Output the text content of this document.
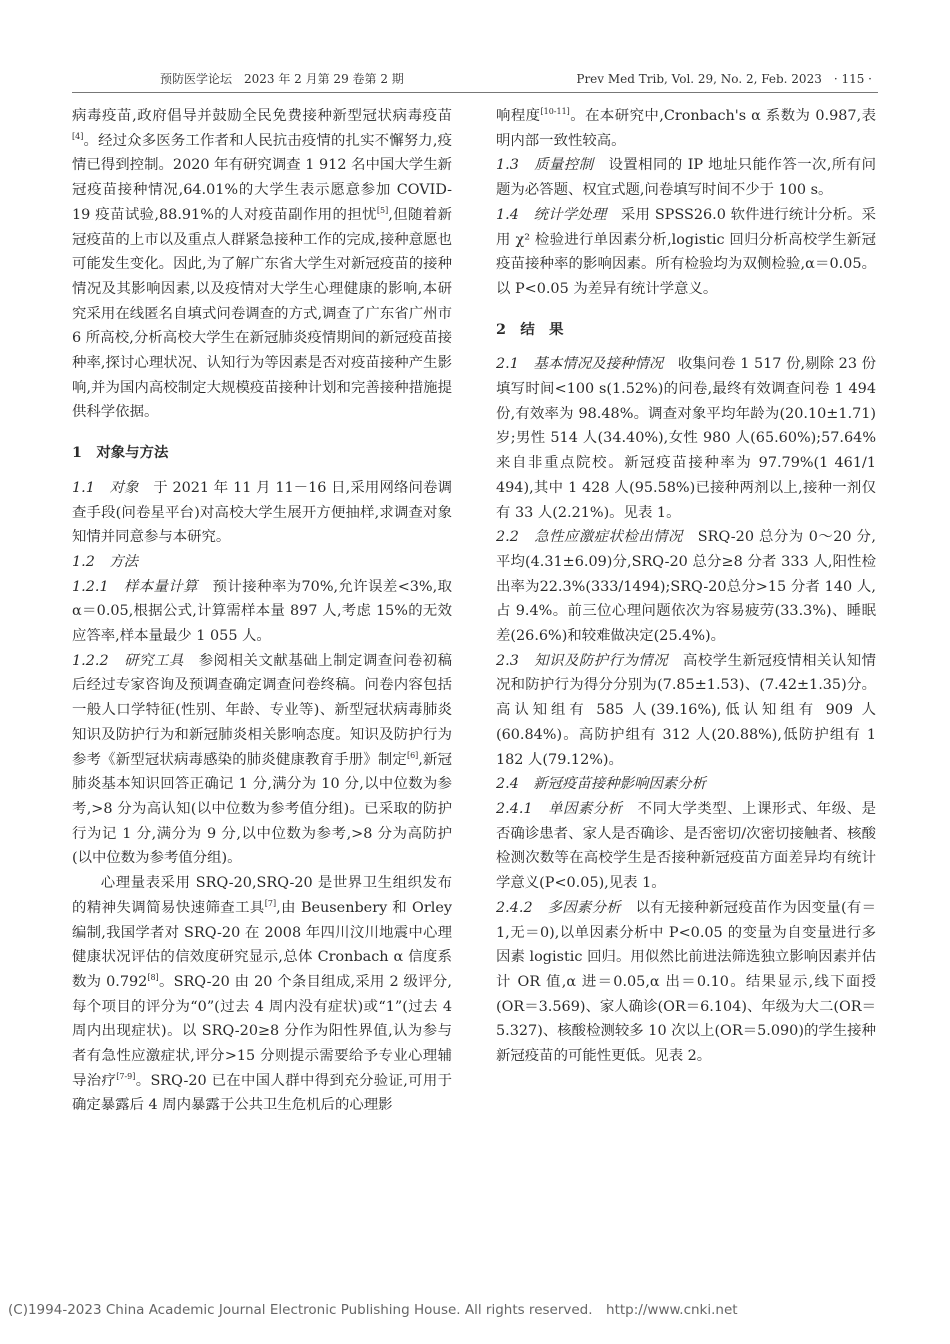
预防医学论坛　2023 年 2 月第 29 卷第 2 期	Prev Med Trib, Vol. 29, No. 2, Feb. 2023　· 115 ·

病毒疫苗,政府倡导并鼓励全民免费接种新型冠状病毒疫苗[4]。经过众多医务工作者和人民抗击疫情的扎实不懈努力,疫情已得到控制。2020 年有研究调查 1 912 名中国大学生新冠疫苗接种情况,64.01%的大学生表示愿意参加 COVID-19 疫苗试验,88.91%的人对疫苗副作用的担忧[5],但随着新冠疫苗的上市以及重点人群紧急接种工作的完成,接种意愿也可能发生变化。因此,为了解广东省大学生对新冠疫苗的接种情况及其影响因素,以及疫情对大学生心理健康的影响,本研究采用在线匿名自填式问卷调查的方式,调查了广东省广州市 6 所高校,分析高校大学生在新冠肺炎疫情期间的新冠疫苗接种率,探讨心理状况、认知行为等因素是否对疫苗接种产生影响,并为国内高校制定大规模疫苗接种计划和完善接种措施提供科学依据。

1　对象与方法

1.1　对象　于 2021 年 11 月 11－16 日,采用网络问卷调查手段(问卷星平台)对高校大学生展开方便抽样,求调查对象知情并同意参与本研究。

1.2　方法

1.2.1　样本量计算　预计接种率为70%,允许误差<3%,取 α＝0.05,根据公式,计算需样本量 897 人,考虑 15%的无效应答率,样本量最少 1 055 人。

1.2.2　研究工具　参阅相关文献基础上制定调查问卷初稿后经过专家咨询及预调查确定调查问卷终稿。问卷内容包括一般人口学特征(性别、年龄、专业等)、新型冠状病毒肺炎知识及防护行为和新冠肺炎相关影响态度。知识及防护行为参考《新型冠状病毒感染的肺炎健康教育手册》制定[6],新冠肺炎基本知识回答正确记 1 分,满分为 10 分,以中位数为参考,>8 分为高认知(以中位数为参考值分组)。已采取的防护行为记 1 分,满分为 9 分,以中位数为参考,>8 分为高防护(以中位数为参考值分组)。

心理量表采用 SRQ-20,SRQ-20 是世界卫生组织发布的精神失调简易快速筛查工具[7],由 Beusenbery 和 Orley 编制,我国学者对 SRQ-20 在 2008 年四川汶川地震中心理健康状况评估的信效度研究显示,总体 Cronbach α 信度系数为 0.792[8]。SRQ-20 由 20 个条目组成,采用 2 级评分,每个项目的评分为“0”(过去 4 周内没有症状)或“1”(过去 4 周内出现症状)。以 SRQ-20≥8 分作为阳性界值,认为参与者有急性应激症状,评分>15 分则提示需要给予专业心理辅导治疗[7-9]。SRQ-20 已在中国人群中得到充分验证,可用于确定暴露后 4 周内暴露于公共卫生危机后的心理影

响程度[10-11]。在本研究中,Cronbach's α 系数为 0.987,表明内部一致性较高。

1.3　质量控制　设置相同的 IP 地址只能作答一次,所有问题为必答题、权宜式题,问卷填写时间不少于 100 s。

1.4　统计学处理　采用 SPSS26.0 软件进行统计分析。采用 χ² 检验进行单因素分析,logistic 回归分析高校学生新冠疫苗接种率的影响因素。所有检验均为双侧检验,α＝0.05。以 P<0.05 为差异有统计学意义。

2　结　果

2.1　基本情况及接种情况　收集问卷 1 517 份,剔除 23 份填写时间<100 s(1.52%)的问卷,最终有效调查问卷 1 494 份,有效率为 98.48%。调查对象平均年龄为(20.10±1.71)岁;男性 514 人(34.40%),女性 980 人(65.60%);57.64%来自非重点院校。新冠疫苗接种率为 97.79%(1 461/1 494),其中 1 428 人(95.58%)已接种两剂以上,接种一剂仅有 33 人(2.21%)。见表 1。

2.2　急性应激症状检出情况　SRQ-20 总分为 0～20 分,平均(4.31±6.09)分,SRQ-20 总分≥8 分者 333 人,阳性检出率为22.3%(333/1494);SRQ-20总分>15 分者 140 人,占 9.4%。前三位心理问题依次为容易疲劳(33.3%)、睡眠差(26.6%)和较难做决定(25.4%)。

2.3　知识及防护行为情况　高校学生新冠疫情相关认知情况和防护行为得分分别为(7.85±1.53)、(7.42±1.35)分。高认知组有 585 人(39.16%),低认知组有 909 人(60.84%)。高防护组有 312 人(20.88%),低防护组有 1 182 人(79.12%)。

2.4　新冠疫苗接种影响因素分析

2.4.1　单因素分析　不同大学类型、上课形式、年级、是否确诊患者、家人是否确诊、是否密切/次密切接触者、核酸检测次数等在高校学生是否接种新冠疫苗方面差异均有统计学意义(P<0.05),见表 1。

2.4.2　多因素分析　以有无接种新冠疫苗作为因变量(有＝1,无＝0),以单因素分析中 P<0.05 的变量为自变量进行多因素 logistic 回归。用似然比前进法筛选独立影响因素并估计 OR 值,α 进＝0.05,α 出＝0.10。结果显示,线下面授(OR＝3.569)、家人确诊(OR＝6.104)、年级为大二(OR＝5.327)、核酸检测较多 10 次以上(OR＝5.090)的学生接种新冠疫苗的可能性更低。见表 2。

(C)1994-2023 China Academic Journal Electronic Publishing House. All rights reserved.　http://www.cnki.net
